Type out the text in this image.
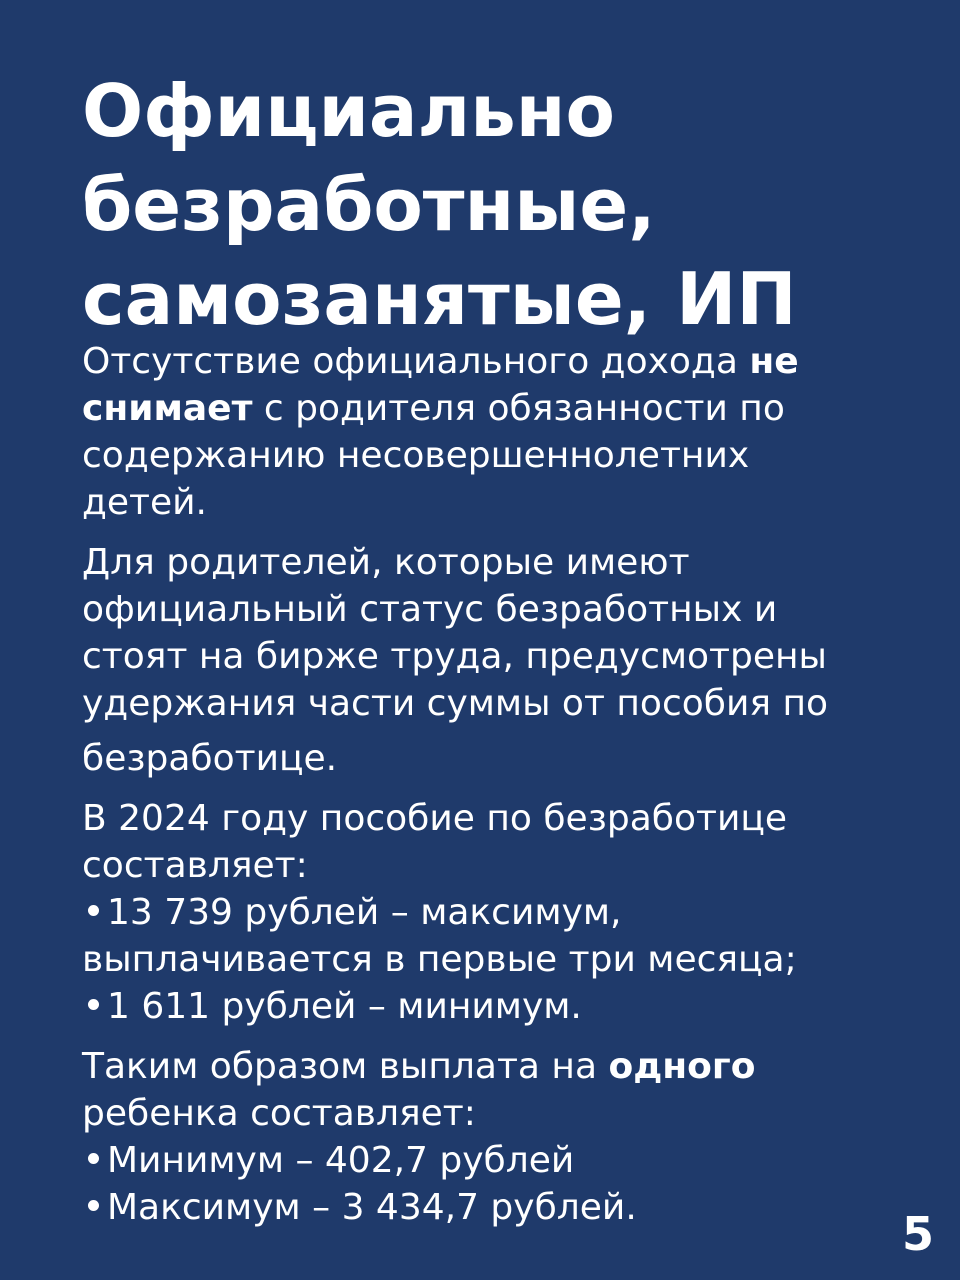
Официально
безработные,
самозанятые, ИП

Отсутствие официального дохода не
снимает с родителя обязанности по
содержанию несовершеннолетних
детей.

Для родителей, которые имеют
официальный статус безработных и
стоят на бирже труда, предусмотрены
удержания части суммы от пособия по
безработице.

В 2024 году пособие по безработице
составляет:
13 739 рублей – максимум,
выплачивается в первые три месяца;
1 611 рублей – минимум.

Таким образом выплата на одного
ребенка составляет:
Минимум – 402,7 рублей
Максимум – 3 434,7 рублей.	5
